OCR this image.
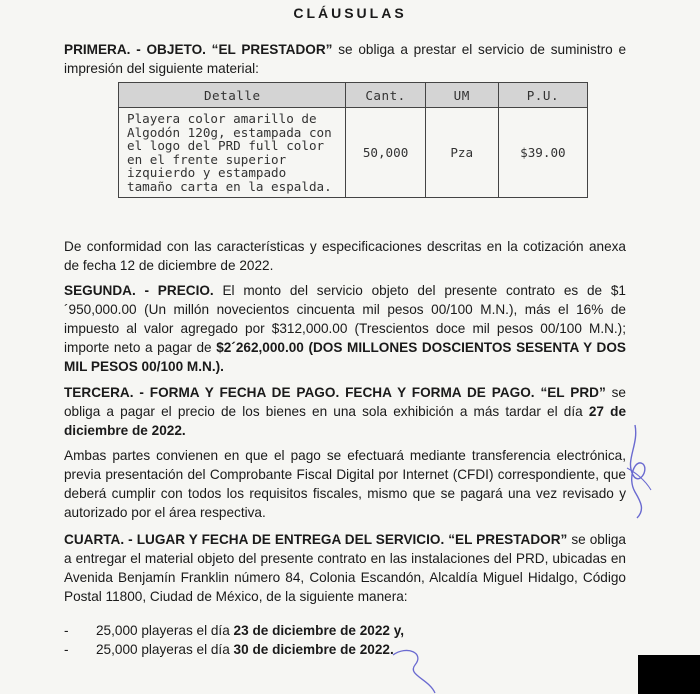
CLÁUSULAS
PRIMERA. - OBJETO. “EL PRESTADOR” se obliga a prestar el servicio de suministro e impresión del siguiente material:
Detalle	Cant.	UM	P.U.
Playera color amarillo de Algodón 120g, estampada con el logo del PRD full color en el frente superior izquierdo y estampado tamaño carta en la espalda.	50,000	Pza	$39.00
De conformidad con las características y especificaciones descritas en la cotización anexa de fecha 12 de diciembre de 2022.
SEGUNDA. - PRECIO. El monto del servicio objeto del presente contrato es de $1´950,000.00 (Un millón novecientos cincuenta mil pesos 00/100 M.N.), más el 16% de impuesto al valor agregado por $312,000.00 (Trescientos doce mil pesos 00/100 M.N.); importe neto a pagar de $2´262,000.00 (DOS MILLONES DOSCIENTOS SESENTA Y DOS MIL PESOS 00/100 M.N.).
TERCERA. - FORMA Y FECHA DE PAGO. FECHA Y FORMA DE PAGO. “EL PRD” se obliga a pagar el precio de los bienes en una sola exhibición a más tardar el día 27 de diciembre de 2022.
Ambas partes convienen en que el pago se efectuará mediante transferencia electrónica, previa presentación del Comprobante Fiscal Digital por Internet (CFDI) correspondiente, que deberá cumplir con todos los requisitos fiscales, mismo que se pagará una vez revisado y autorizado por el área respectiva.
CUARTA. - LUGAR Y FECHA DE ENTREGA DEL SERVICIO. “EL PRESTADOR” se obliga a entregar el material objeto del presente contrato en las instalaciones del PRD, ubicadas en Avenida Benjamín Franklin número 84, Colonia Escandón, Alcaldía Miguel Hidalgo, Código Postal 11800, Ciudad de México, de la siguiente manera:
- 25,000 playeras el día 23 de diciembre de 2022 y,
- 25,000 playeras el día 30 de diciembre de 2022.
